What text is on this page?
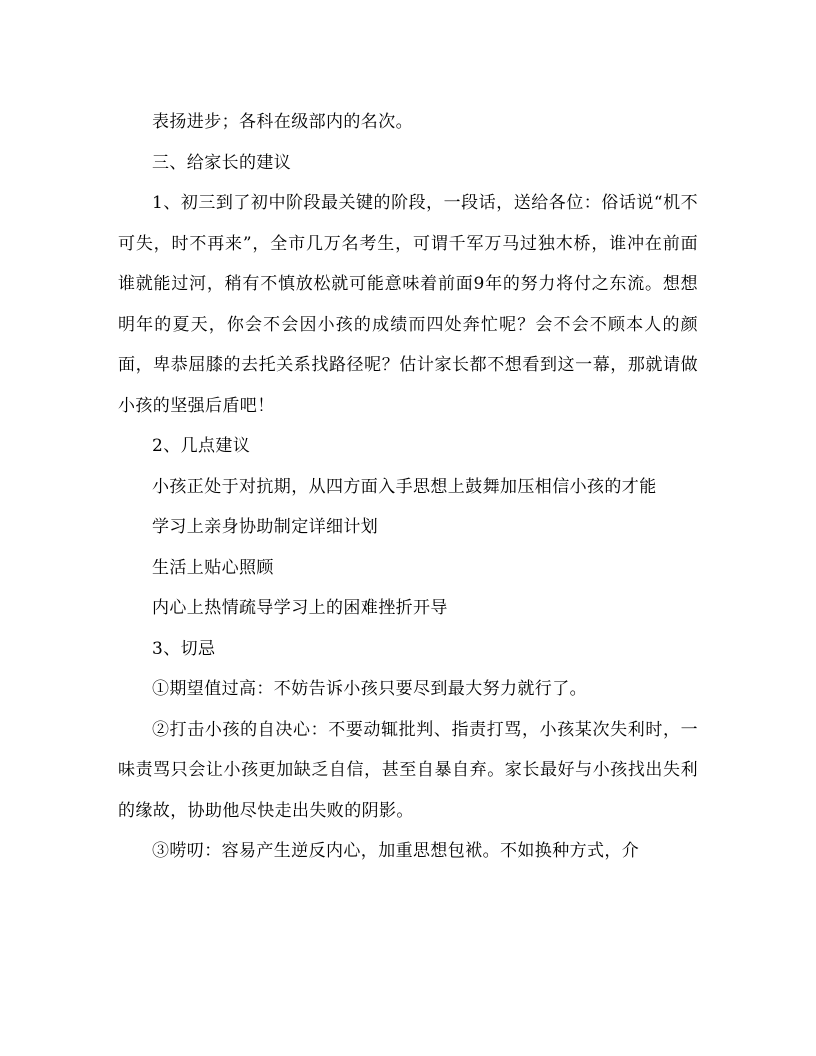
表扬进步；各科在级部内的名次。

三、给家长的建议

1、初三到了初中阶段最关键的阶段，一段话，送给各位：俗话说“机不可失，时不再来”，全市几万名考生，可谓千军万马过独木桥，谁冲在前面谁就能过河，稍有不慎放松就可能意味着前面9年的努力将付之东流。想想明年的夏天，你会不会因小孩的成绩而四处奔忙呢？会不会不顾本人的颜面，卑恭屈膝的去托关系找路径呢？估计家长都不想看到这一幕，那就请做小孩的坚强后盾吧！

2、几点建议

小孩正处于对抗期，从四方面入手思想上鼓舞加压相信小孩的才能

学习上亲身协助制定详细计划

生活上贴心照顾

内心上热情疏导学习上的困难挫折开导

3、切忌

①期望值过高：不妨告诉小孩只要尽到最大努力就行了。

②打击小孩的自决心：不要动辄批判、指责打骂，小孩某次失利时，一味责骂只会让小孩更加缺乏自信，甚至自暴自弃。家长最好与小孩找出失利的缘故，协助他尽快走出失败的阴影。

③唠叨：容易产生逆反内心，加重思想包袱。不如换种方式，介
